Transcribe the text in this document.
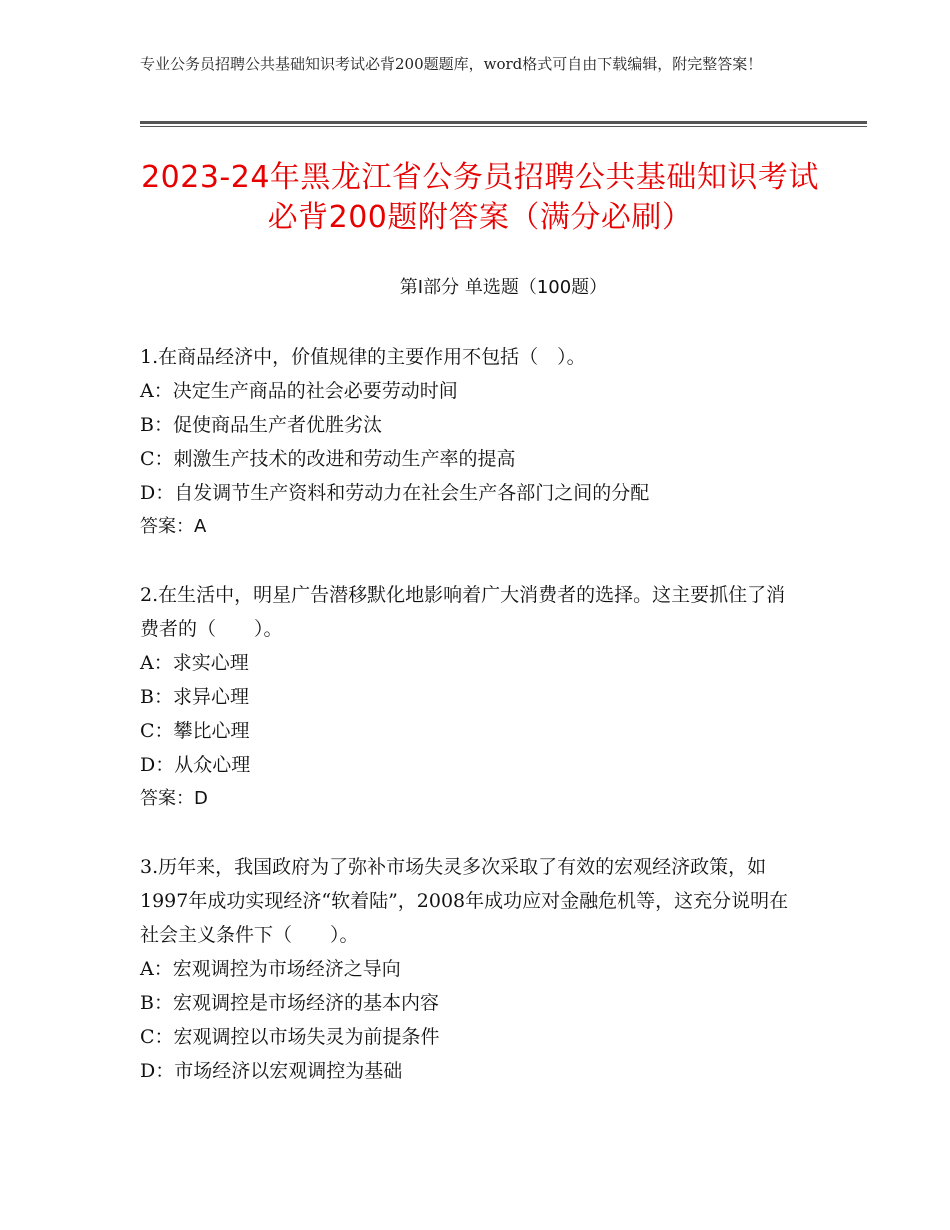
专业公务员招聘公共基础知识考试必背200题题库，word格式可自由下载编辑，附完整答案！
2023-24年黑龙江省公务员招聘公共基础知识考试必背200题附答案（满分必刷）
第Ⅰ部分 单选题（100题）

1.在商品经济中，价值规律的主要作用不包括（　）。

A：决定生产商品的社会必要劳动时间

B：促使商品生产者优胜劣汰

C：刺激生产技术的改进和劳动生产率的提高

D：自发调节生产资料和劳动力在社会生产各部门之间的分配

答案：A

2.在生活中，明星广告潜移默化地影响着广大消费者的选择。这主要抓住了消费者的（　　）。

A：求实心理

B：求异心理

C：攀比心理

D：从众心理

答案：D

3.历年来，我国政府为了弥补市场失灵多次采取了有效的宏观经济政策，如1997年成功实现经济“软着陆”，2008年成功应对金融危机等，这充分说明在社会主义条件下（　　）。

A：宏观调控为市场经济之导向

B：宏观调控是市场经济的基本内容

C：宏观调控以市场失灵为前提条件

D：市场经济以宏观调控为基础
